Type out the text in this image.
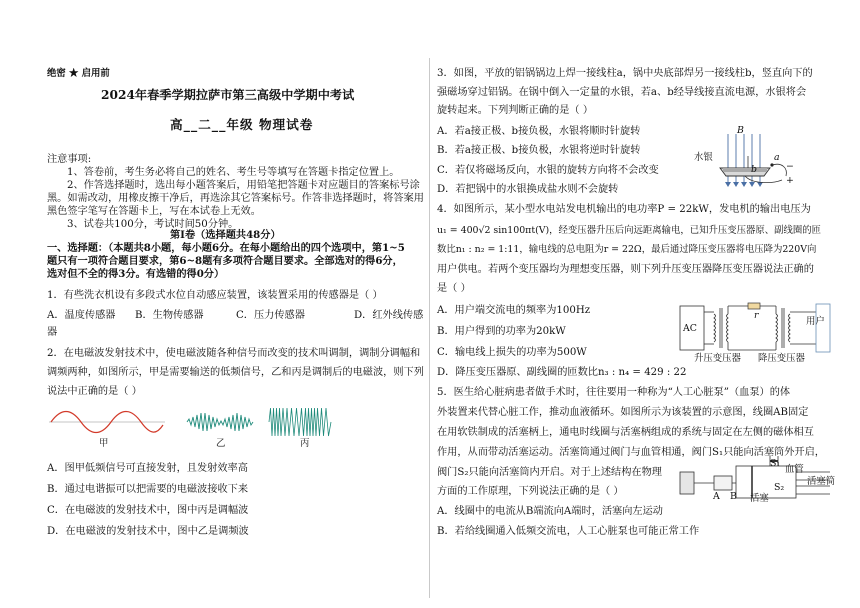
绝密 ★ 启用前
2024年春季学期拉萨市第三高级中学期中考试
高__二__年级 物理试卷
注意事项:
1、答卷前，考生务必将自己的姓名、考生号等填写在答题卡指定位置上。
2、作答选择题时，选出每小题答案后，用铅笔把答题卡对应题目的答案标号涂
黑。如需改动，用橡皮擦干净后，再选涂其它答案标号。作答非选择题时，将答案用
黑色签字笔写在答题卡上，写在本试卷上无效。
3、试卷共100分，考试时间50分钟。
第Ⅰ卷（选择题共48分）
一、选择题：（本题共8小题，每小题6分。在每小题给出的四个选项中，第1~5
题只有一项符合题目要求，第6~8题有多项符合题目要求。全部选对的得6分，
选对但不全的得3分。有选错的得0分）
1．有些洗衣机设有多段式水位自动感应装置，该装置采用的传感器是（ ）
A．温度传感器 B．生物传感器	C．压力传感器	D．红外线传感
器
2．在电磁波发射技术中，使电磁波随各种信号而改变的技术叫调制，调制分调幅和
调频两种，如图所示，甲是需要输送的低频信号，乙和丙是调制后的电磁波，则下列
说法中正确的是（ ）
甲	乙	丙
A．图甲低频信号可直接发射，且发射效率高
B．通过电谐振可以把需要的电磁波接收下来
C．在电磁波的发射技术中，图中丙是调幅波
D．在电磁波的发射技术中，图中乙是调频波
3．如图，平放的铝锅锅边上焊一接线柱a，锅中央底部焊另一接线柱b，竖直向下的
强磁场穿过铝锅。在锅中倒入一定量的水银，若a、b经导线接直流电源，水银将会
旋转起来。下列判断正确的是（ ）
A．若a接正极、b接负极，水银将顺时针旋转
B．若a接正极、b接负极，水银将逆时针旋转
C．若仅将磁场反向，水银的旋转方向将不会改变
D．若把锅中的水银换成盐水则不会旋转
B
水银	a
b
+
−
4．如图所示，某小型水电站发电机输出的电功率P = 22kW，发电机的输出电压为
u₁ = 400√2 sin100πt(V)，经变压器升压后向远距离输电，已知升压变压器原、副线圈的匝
数比n₁ : n₂ = 1:11，输电线的总电阻为r = 22Ω，最后通过降压变压器将电压降为220V向
用户供电。若两个变压器均为理想变压器，则下列升压变压器降压变压器说法正确的
是（ ）
A．用户端交流电的频率为100Hz
B．用户得到的功率为20kW
C．输电线上损失的功率为500W
D．降压变压器原、副线圈的匝数比n₃ : n₄ = 429 : 22
AC
r
用户
升压变压器 降压变压器
5．医生给心脏病患者做手术时，往往要用一种称为“人工心脏泵”（血泵）的体
外装置来代替心脏工作，推动血液循环。如图所示为该装置的示意图，线圈AB固定
在用软铁制成的活塞柄上，通电时线圈与活塞柄组成的系统与固定在左侧的磁体相互
作用，从而带动活塞运动。活塞筒通过阀门与血管相通，阀门S₁只能向活塞筒外开启，
阀门S₂只能向活塞筒内开启。对于上述结构在物理
方面的工作原理，下列说法正确的是（ ）
A．线圈中的电流从B端流向A端时，活塞向左运动
B．若给线圈通入低频交流电，人工心脏泵也可能正常工作
S₁
血管
S₂
活塞筒
A B 活塞
